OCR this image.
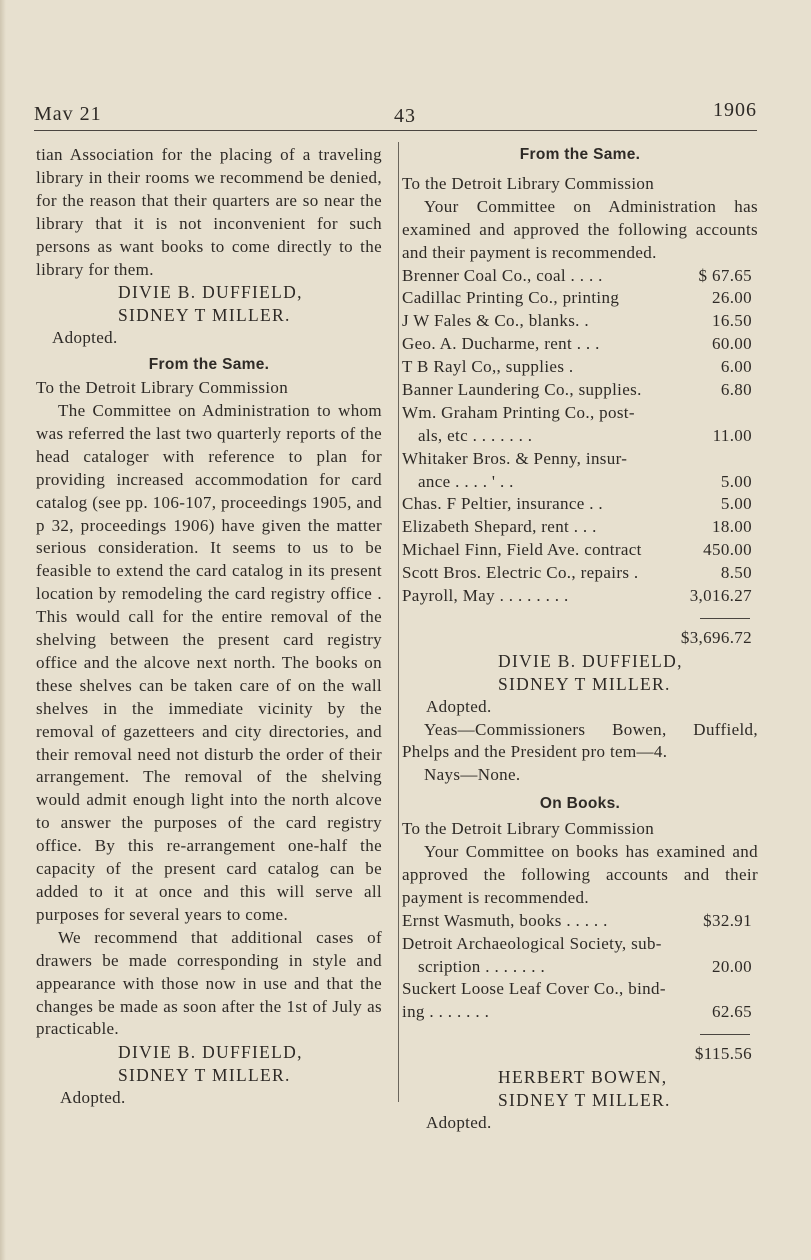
Mav 21	43	1906

tian Association for the placing of a traveling library in their rooms we recommend be denied, for the reason that their quarters are so near the library that it is not inconvenient for such persons as want books to come directly to the library for them.

DIVIE B. DUFFIELD,

SIDNEY T MILLER.

Adopted.

From the Same.

To the Detroit Library Commission

The Committee on Administration to whom was referred the last two quarterly reports of the head cataloger with reference to plan for providing increased accommodation for card catalog (see pp. 106-107, proceedings 1905, and p 32, proceedings 1906) have given the matter serious consideration. It seems to us to be feasible to extend the card catalog in its present location by remodeling the card registry office . This would call for the entire removal of the shelving between the present card registry office and the alcove next north. The books on these shelves can be taken care of on the wall shelves in the immediate vicinity by the removal of gazetteers and city directories, and their removal need not disturb the order of their arrangement. The removal of the shelving would admit enough light into the north alcove to answer the purposes of the card registry office. By this re-arrangement one-half the capacity of the present card catalog can be added to it at once and this will serve all purposes for several years to come.

We recommend that additional cases of drawers be made corresponding in style and appearance with those now in use and that the changes be made as soon after the 1st of July as practicable.

DIVIE B. DUFFIELD,

SIDNEY T MILLER.

Adopted.

From the Same.

To the Detroit Library Commission

Your Committee on Administration has examined and approved the following accounts and their payment is recommended.

Brenner Coal Co., coal . . . .	$ 67.65
Cadillac Printing Co., printing	26.00
J W Fales & Co., blanks. .	16.50
Geo. A. Ducharme, rent . . .	60.00
T B Rayl Co,, supplies .	6.00
Banner Laundering Co., supplies.	6.80
Wm. Graham Printing Co., post-
als, etc . . . . . . .	11.00
Whitaker Bros. & Penny, insur-
ance . . . . ' . .	5.00
Chas. F Peltier, insurance . .	5.00
Elizabeth Shepard, rent . . .	18.00
Michael Finn, Field Ave. contract	450.00
Scott Bros. Electric Co., repairs .	8.50
Payroll, May . . . . . . . .	3,016.27

$3,696.72

DIVIE B. DUFFIELD,

SIDNEY T MILLER.

Adopted.

Yeas—Commissioners Bowen, Duffield, Phelps and the President pro tem—4.

Nays—None.

On Books.

To the Detroit Library Commission

Your Committee on books has examined and approved the following accounts and their payment is recommended.

Ernst Wasmuth, books . . . . .	$32.91
Detroit Archaeological Society, sub-
scription . . . . . . .	20.00
Suckert Loose Leaf Cover Co., bind-
ing . . . . . . .	62.65

$115.56

HERBERT BOWEN,

SIDNEY T MILLER.

Adopted.
